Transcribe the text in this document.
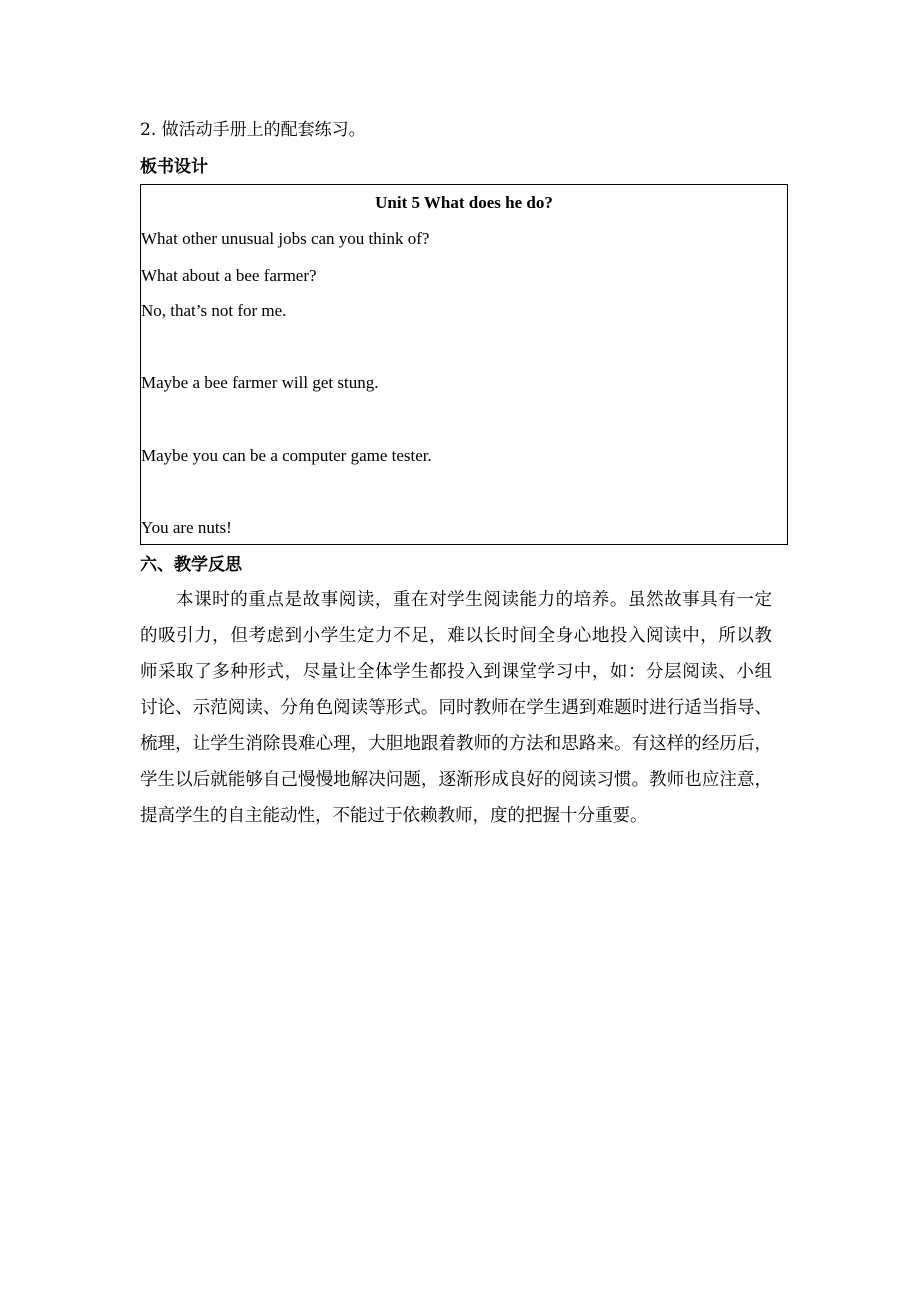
2. 做活动手册上的配套练习。
板书设计
Unit 5 What does he do?
What other unusual jobs can you think of?
What about a bee farmer?
No, that’s not for me.
Maybe a bee farmer will get stung.
Maybe you can be a computer game tester.
You are nuts!
六、教学反思
本课时的重点是故事阅读，重在对学生阅读能力的培养。虽然故事具有一定
的吸引力，但考虑到小学生定力不足，难以长时间全身心地投入阅读中，所以教
师采取了多种形式，尽量让全体学生都投入到课堂学习中，如：分层阅读、小组
讨论、示范阅读、分角色阅读等形式。同时教师在学生遇到难题时进行适当指导、
梳理，让学生消除畏难心理，大胆地跟着教师的方法和思路来。有这样的经历后，
学生以后就能够自己慢慢地解决问题，逐渐形成良好的阅读习惯。教师也应注意，
提高学生的自主能动性，不能过于依赖教师，度的把握十分重要。
